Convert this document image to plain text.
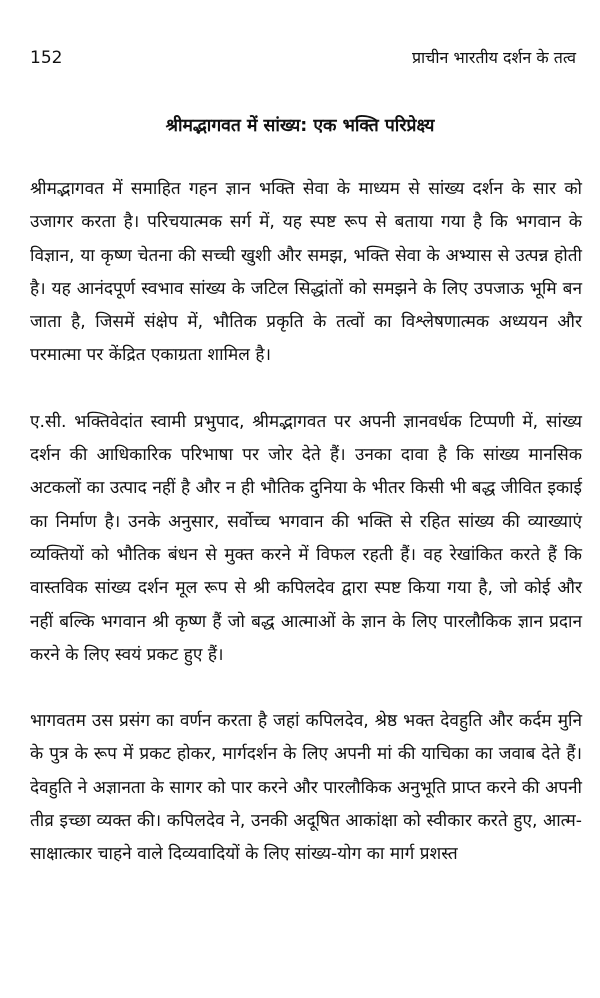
152	प्राचीन भारतीय दर्शन के तत्व
श्रीमद्भागवत में सांख्य: एक भक्ति परिप्रेक्ष्य

श्रीमद्भागवत में समाहित गहन ज्ञान भक्ति सेवा के माध्यम से सांख्य दर्शन के सार को उजागर करता है। परिचयात्मक सर्ग में, यह स्पष्ट रूप से बताया गया है कि भगवान के विज्ञान, या कृष्ण चेतना की सच्ची खुशी और समझ, भक्ति सेवा के अभ्यास से उत्पन्न होती है। यह आनंदपूर्ण स्वभाव सांख्य के जटिल सिद्धांतों को समझने के लिए उपजाऊ भूमि बन जाता है, जिसमें संक्षेप में, भौतिक प्रकृति के तत्वों का विश्लेषणात्मक अध्ययन और परमात्मा पर केंद्रित एकाग्रता शामिल है।

ए.सी. भक्तिवेदांत स्वामी प्रभुपाद, श्रीमद्भागवत पर अपनी ज्ञानवर्धक टिप्पणी में, सांख्य दर्शन की आधिकारिक परिभाषा पर जोर देते हैं। उनका दावा है कि सांख्य मानसिक अटकलों का उत्पाद नहीं है और न ही भौतिक दुनिया के भीतर किसी भी बद्ध जीवित इकाई का निर्माण है। उनके अनुसार, सर्वोच्च भगवान की भक्ति से रहित सांख्य की व्याख्याएं व्यक्तियों को भौतिक बंधन से मुक्त करने में विफल रहती हैं। वह रेखांकित करते हैं कि वास्तविक सांख्य दर्शन मूल रूप से श्री कपिलदेव द्वारा स्पष्ट किया गया है, जो कोई और नहीं बल्कि भगवान श्री कृष्ण हैं जो बद्ध आत्माओं के ज्ञान के लिए पारलौकिक ज्ञान प्रदान करने के लिए स्वयं प्रकट हुए हैं।

भागवतम उस प्रसंग का वर्णन करता है जहां कपिलदेव, श्रेष्ठ भक्त देवहुति और कर्दम मुनि के पुत्र के रूप में प्रकट होकर, मार्गदर्शन के लिए अपनी मां की याचिका का जवाब देते हैं। देवहुति ने अज्ञानता के सागर को पार करने और पारलौकिक अनुभूति प्राप्त करने की अपनी तीव्र इच्छा व्यक्त की। कपिलदेव ने, उनकी अदूषित आकांक्षा को स्वीकार करते हुए, आत्म-साक्षात्कार चाहने वाले दिव्यवादियों के लिए सांख्य-योग का मार्ग प्रशस्त
